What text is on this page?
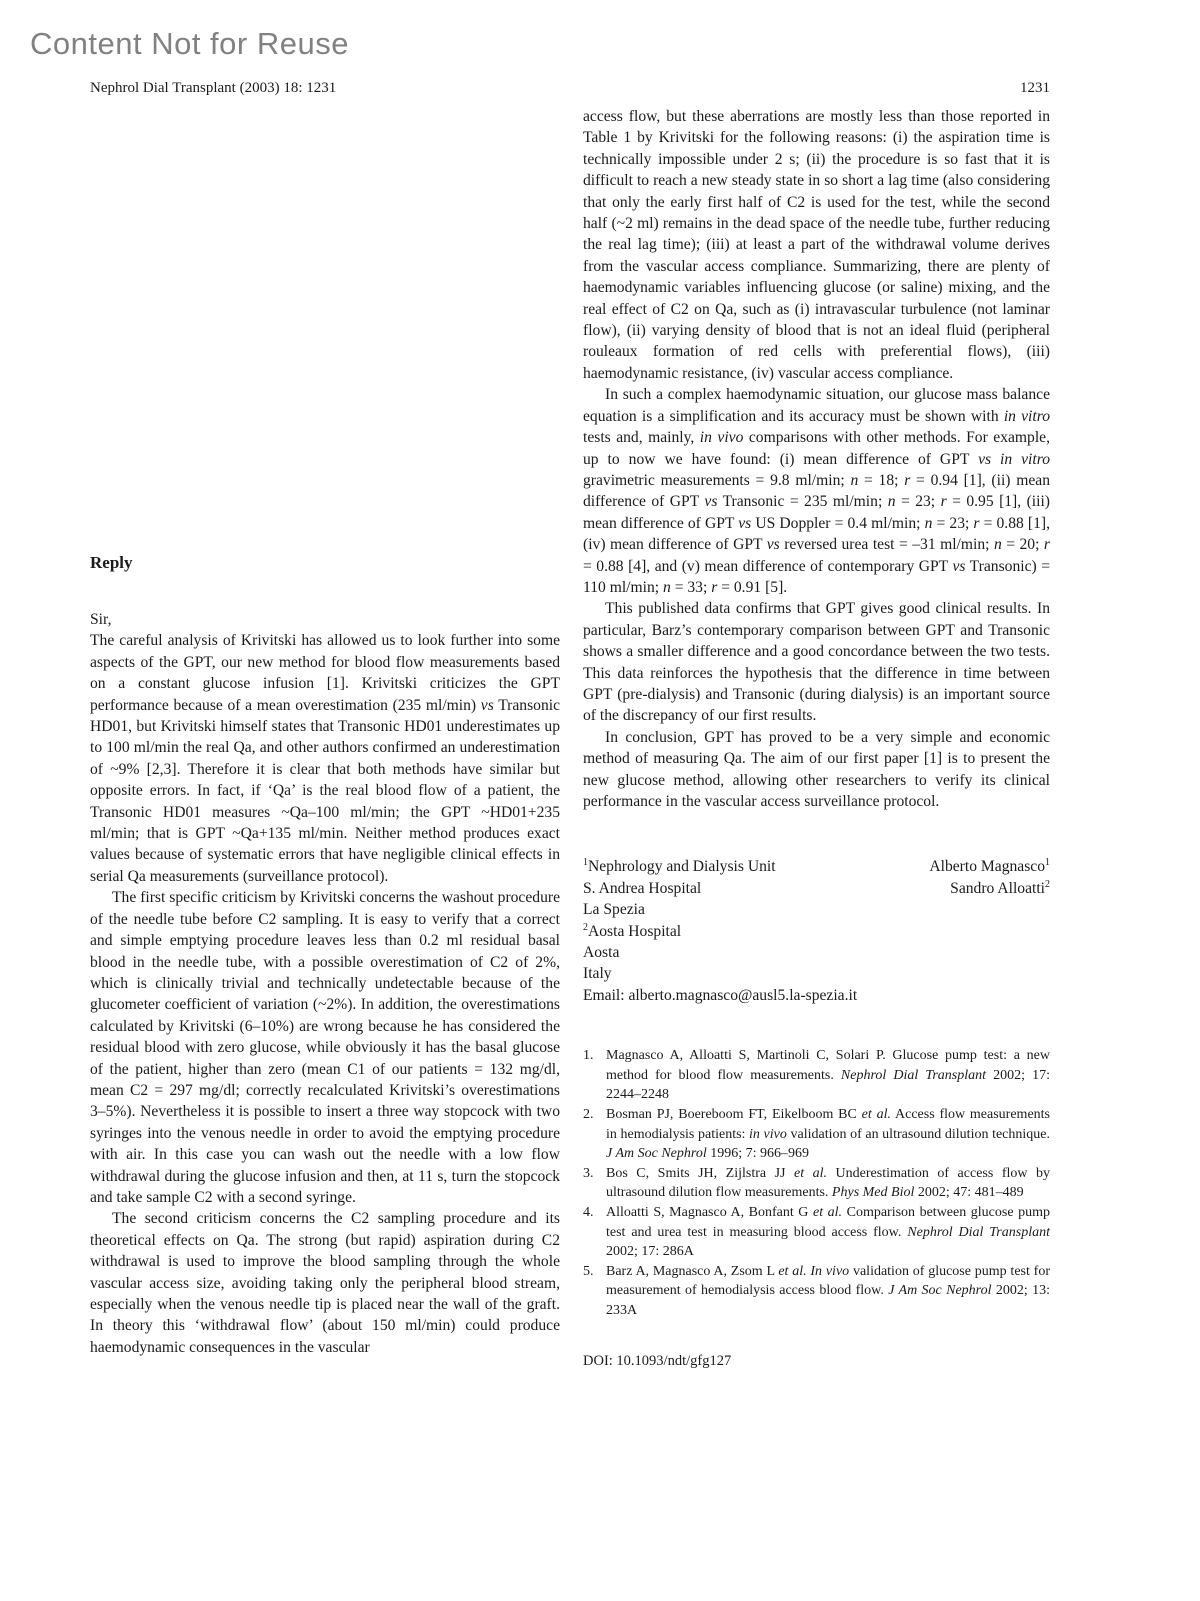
Content Not for Reuse
Nephrol Dial Transplant (2003) 18: 1231	1231
Reply

Sir,

The careful analysis of Krivitski has allowed us to look further into some aspects of the GPT, our new method for blood flow measurements based on a constant glucose infusion [1]. Krivitski criticizes the GPT performance because of a mean overestimation (235 ml/min) vs Transonic HD01, but Krivitski himself states that Transonic HD01 underestimates up to 100 ml/min the real Qa, and other authors confirmed an underestimation of ~9% [2,3]. Therefore it is clear that both methods have similar but opposite errors. In fact, if ‘Qa’ is the real blood flow of a patient, the Transonic HD01 measures ~Qa–100 ml/min; the GPT ~HD01+235 ml/min; that is GPT ~Qa+135 ml/min. Neither method produces exact values because of systematic errors that have negligible clinical effects in serial Qa measurements (surveillance protocol).

The first specific criticism by Krivitski concerns the washout procedure of the needle tube before C2 sampling. It is easy to verify that a correct and simple emptying procedure leaves less than 0.2 ml residual basal blood in the needle tube, with a possible overestimation of C2 of 2%, which is clinically trivial and technically undetectable because of the glucometer coefficient of variation (~2%). In addition, the overestimations calculated by Krivitski (6–10%) are wrong because he has considered the residual blood with zero glucose, while obviously it has the basal glucose of the patient, higher than zero (mean C1 of our patients = 132 mg/dl, mean C2 = 297 mg/dl; correctly recalculated Krivitski’s overestimations 3–5%). Nevertheless it is possible to insert a three way stopcock with two syringes into the venous needle in order to avoid the emptying procedure with air. In this case you can wash out the needle with a low flow withdrawal during the glucose infusion and then, at 11 s, turn the stopcock and take sample C2 with a second syringe.

The second criticism concerns the C2 sampling procedure and its theoretical effects on Qa. The strong (but rapid) aspiration during C2 withdrawal is used to improve the blood sampling through the whole vascular access size, avoiding taking only the peripheral blood stream, especially when the venous needle tip is placed near the wall of the graft. In theory this ‘withdrawal flow’ (about 150 ml/min) could produce haemodynamic consequences in the vascular

access flow, but these aberrations are mostly less than those reported in Table 1 by Krivitski for the following reasons: (i) the aspiration time is technically impossible under 2 s; (ii) the procedure is so fast that it is difficult to reach a new steady state in so short a lag time (also considering that only the early first half of C2 is used for the test, while the second half (~2 ml) remains in the dead space of the needle tube, further reducing the real lag time); (iii) at least a part of the withdrawal volume derives from the vascular access compliance. Summarizing, there are plenty of haemodynamic variables influencing glucose (or saline) mixing, and the real effect of C2 on Qa, such as (i) intravascular turbulence (not laminar flow), (ii) varying density of blood that is not an ideal fluid (peripheral rouleaux formation of red cells with preferential flows), (iii) haemodynamic resistance, (iv) vascular access compliance.

In such a complex haemodynamic situation, our glucose mass balance equation is a simplification and its accuracy must be shown with in vitro tests and, mainly, in vivo comparisons with other methods. For example, up to now we have found: (i) mean difference of GPT vs in vitro gravimetric measurements = 9.8 ml/min; n = 18; r = 0.94 [1], (ii) mean difference of GPT vs Transonic = 235 ml/min; n = 23; r = 0.95 [1], (iii) mean difference of GPT vs US Doppler = 0.4 ml/min; n = 23; r = 0.88 [1], (iv) mean difference of GPT vs reversed urea test = –31 ml/min; n = 20; r = 0.88 [4], and (v) mean difference of contemporary GPT vs Transonic) = 110 ml/min; n = 33; r = 0.91 [5].

This published data confirms that GPT gives good clinical results. In particular, Barz’s contemporary comparison between GPT and Transonic shows a smaller difference and a good concordance between the two tests. This data reinforces the hypothesis that the difference in time between GPT (pre-dialysis) and Transonic (during dialysis) is an important source of the discrepancy of our first results.

In conclusion, GPT has proved to be a very simple and economic method of measuring Qa. The aim of our first paper [1] is to present the new glucose method, allowing other researchers to verify its clinical performance in the vascular access surveillance protocol.

$^1$Nephrology and Dialysis Unit	Alberto Magnasco$^1$
S. Andrea Hospital	Sandro Alloatti$^2$
La Spezia
$^2$Aosta Hospital
Aosta
Italy
Email: alberto.magnasco@ausl5.la-spezia.it
1. Magnasco A, Alloatti S, Martinoli C, Solari P. Glucose pump test: a new method for blood flow measurements. Nephrol Dial Transplant 2002; 17: 2244–2248
2. Bosman PJ, Boereboom FT, Eikelboom BC et al. Access flow measurements in hemodialysis patients: in vivo validation of an ultrasound dilution technique. J Am Soc Nephrol 1996; 7: 966–969
3. Bos C, Smits JH, Zijlstra JJ et al. Underestimation of access flow by ultrasound dilution flow measurements. Phys Med Biol 2002; 47: 481–489
4. Alloatti S, Magnasco A, Bonfant G et al. Comparison between glucose pump test and urea test in measuring blood access flow. Nephrol Dial Transplant 2002; 17: 286A
5. Barz A, Magnasco A, Zsom L et al. In vivo validation of glucose pump test for measurement of hemodialysis access blood flow. J Am Soc Nephrol 2002; 13: 233A
DOI: 10.1093/ndt/gfg127
